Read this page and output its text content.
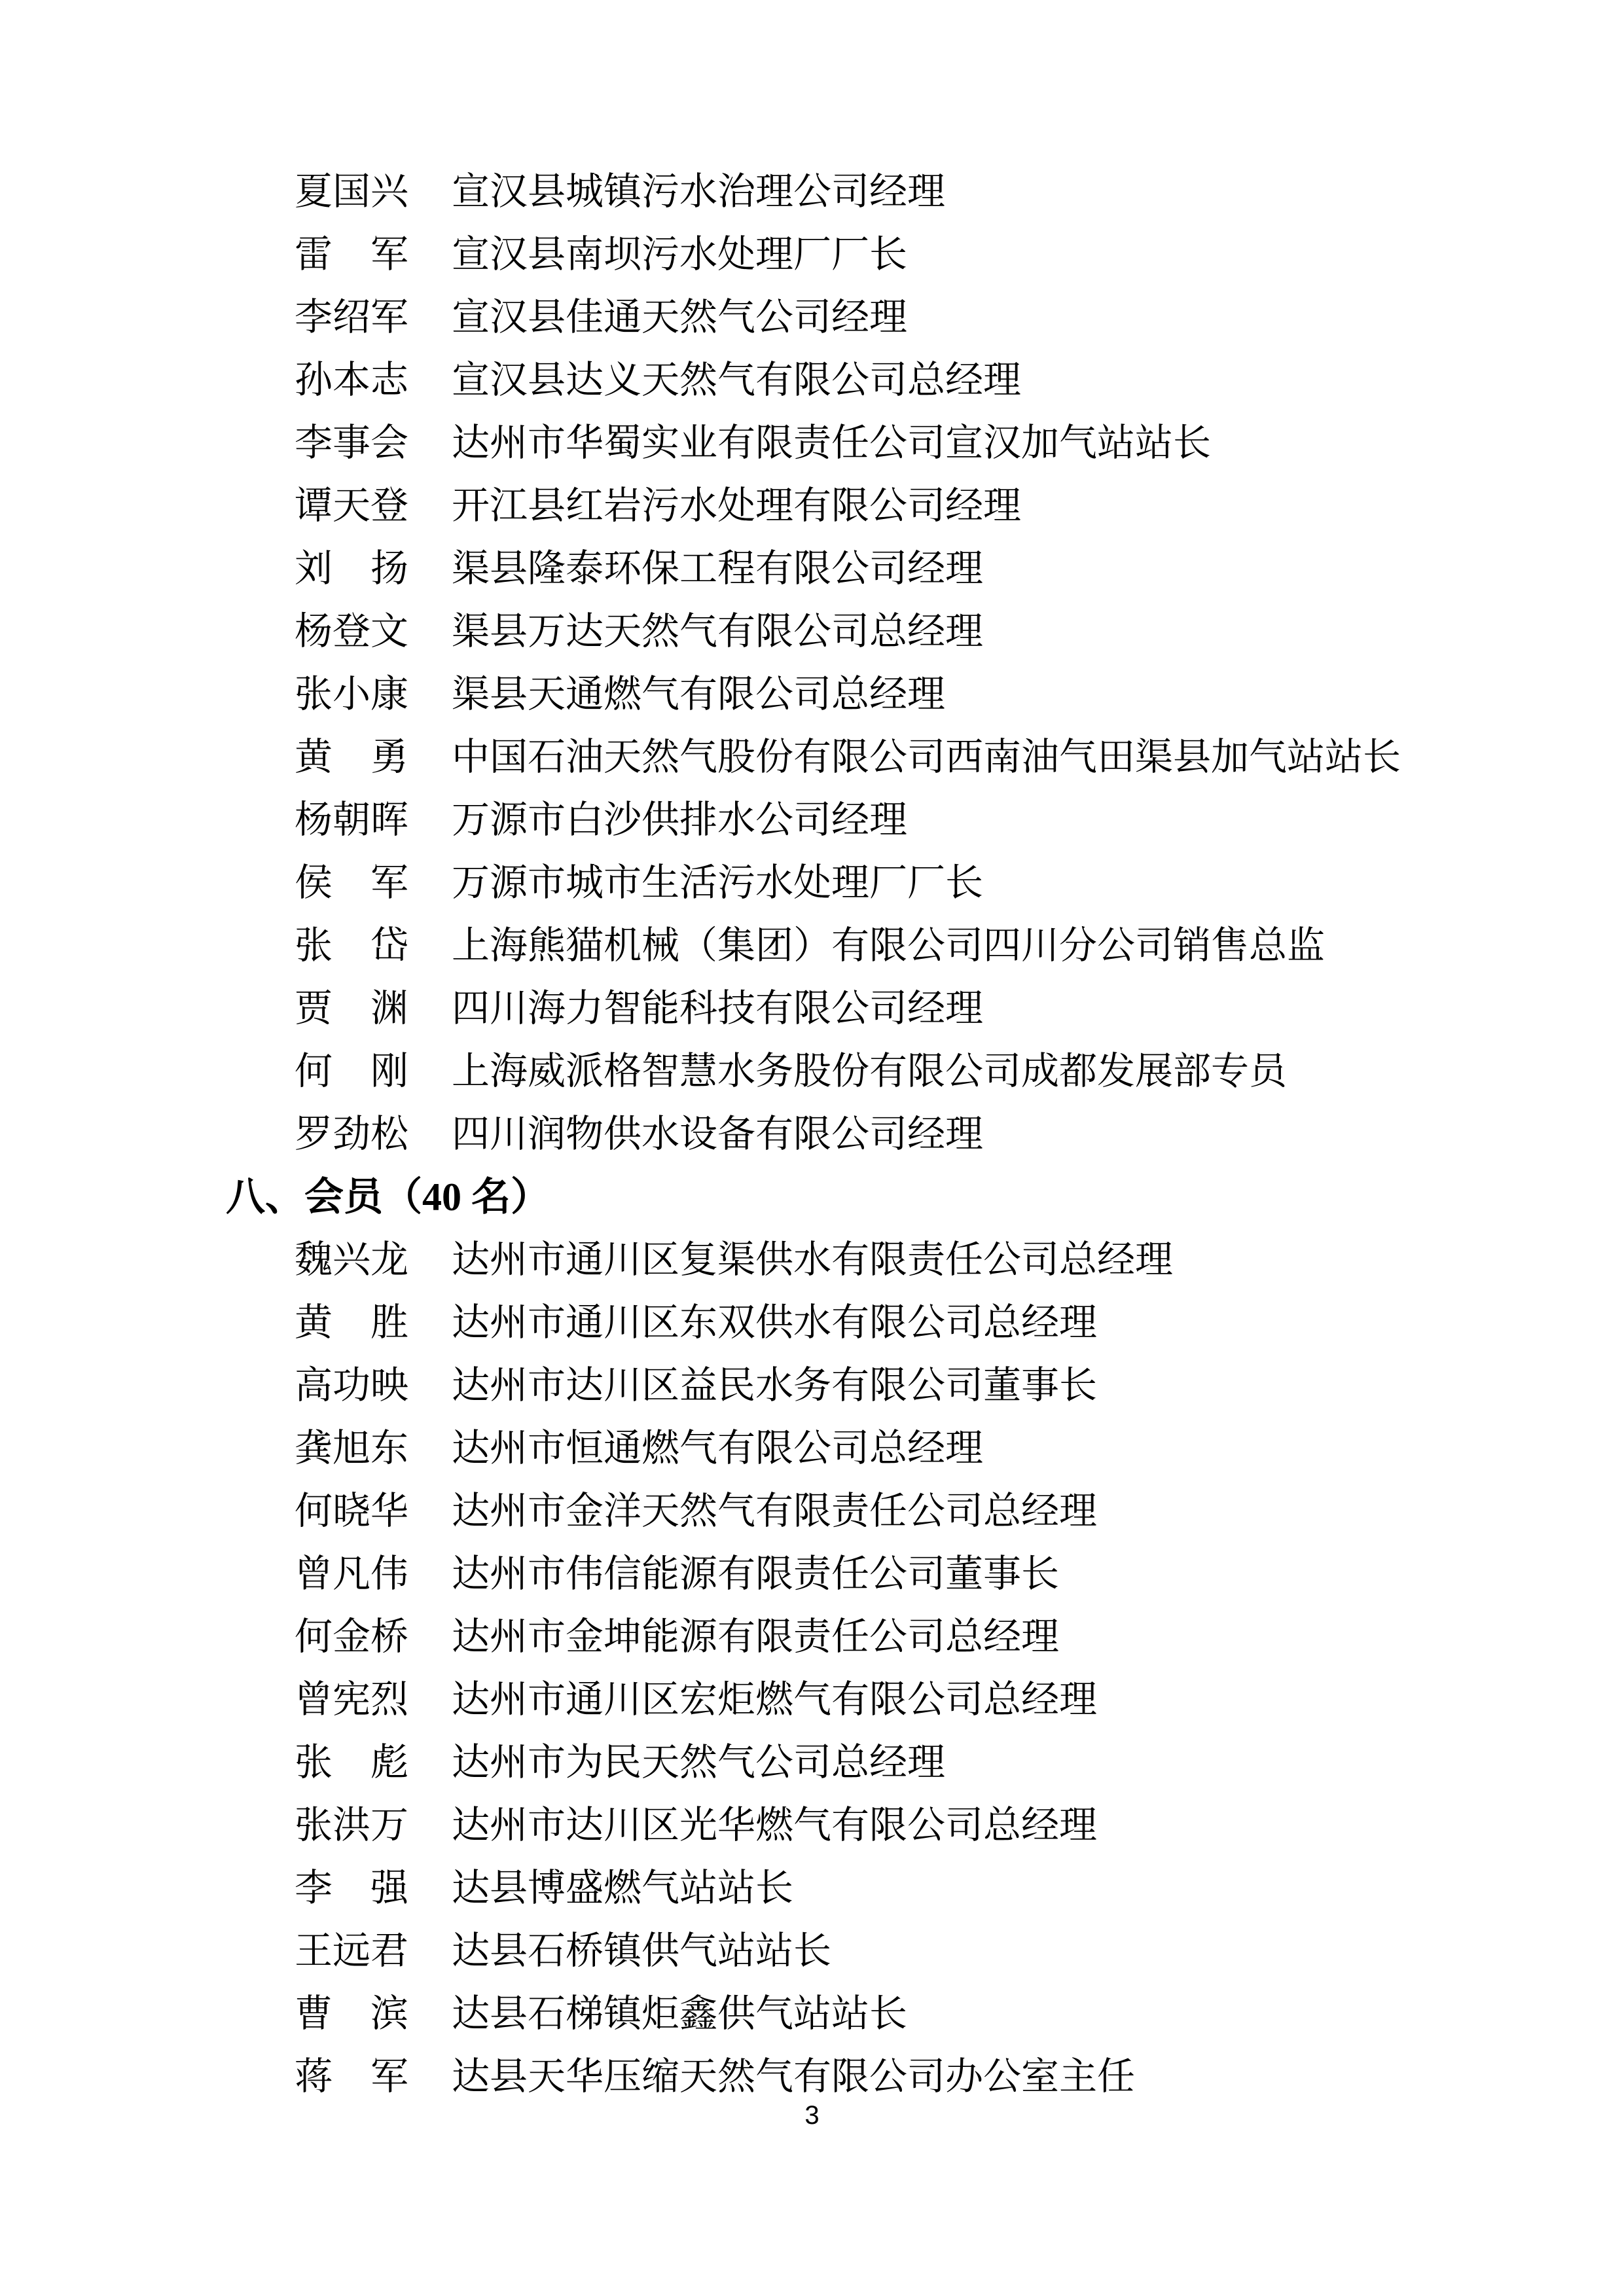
夏国兴	宣汉县城镇污水治理公司经理
雷　军	宣汉县南坝污水处理厂厂长
李绍军	宣汉县佳通天然气公司经理
孙本志	宣汉县达义天然气有限公司总经理
李事会	达州市华蜀实业有限责任公司宣汉加气站站长
谭天登	开江县红岩污水处理有限公司经理
刘　扬	渠县隆泰环保工程有限公司经理
杨登文	渠县万达天然气有限公司总经理
张小康	渠县天通燃气有限公司总经理
黄　勇	中国石油天然气股份有限公司西南油气田渠县加气站站长
杨朝晖	万源市白沙供排水公司经理
侯　军	万源市城市生活污水处理厂厂长
张　岱	上海熊猫机械（集团）有限公司四川分公司销售总监
贾　渊	四川海力智能科技有限公司经理
何　刚	上海威派格智慧水务股份有限公司成都发展部专员
罗劲松	四川润物供水设备有限公司经理
八、会员（40 名）
魏兴龙	达州市通川区复渠供水有限责任公司总经理
黄　胜	达州市通川区东双供水有限公司总经理
高功映	达州市达川区益民水务有限公司董事长
龚旭东	达州市恒通燃气有限公司总经理
何晓华	达州市金洋天然气有限责任公司总经理
曾凡伟	达州市伟信能源有限责任公司董事长
何金桥	达州市金坤能源有限责任公司总经理
曾宪烈	达州市通川区宏炬燃气有限公司总经理
张　彪	达州市为民天然气公司总经理
张洪万	达州市达川区光华燃气有限公司总经理
李　强	达县博盛燃气站站长
王远君	达县石桥镇供气站站长
曹　滨	达县石梯镇炬鑫供气站站长
蒋　军	达县天华压缩天然气有限公司办公室主任
3
